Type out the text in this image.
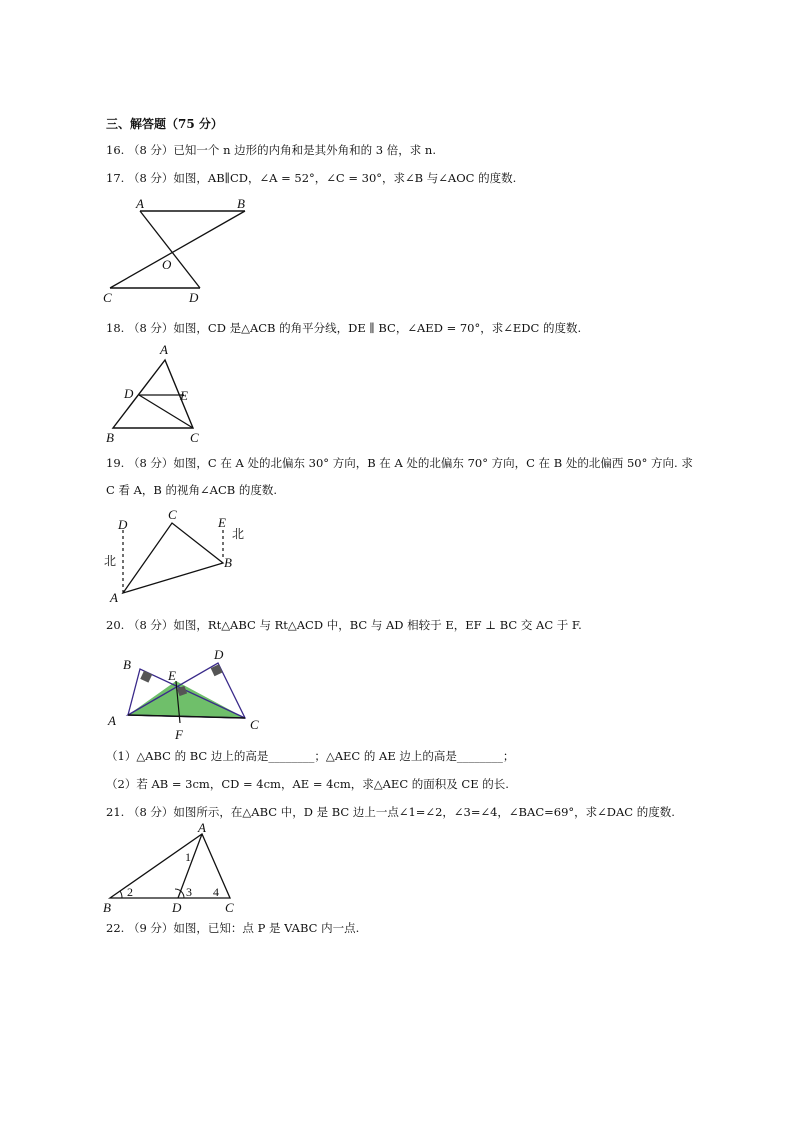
三、解答题（75 分）
16. （8 分）已知一个 n 边形的内角和是其外角和的 3 倍，求 n.
17. （8 分）如图，AB∥CD，∠A = 52°，∠C = 30°，求∠B 与∠AOC 的度数.
A	B
O
C	D
18. （8 分）如图，CD 是△ACB 的角平分线，DE ∥ BC，∠AED = 70°，求∠EDC 的度数.
A
D	E
B	C
19. （8 分）如图，C 在 A 处的北偏东 30° 方向，B 在 A 处的北偏东 70° 方向，C 在 B 处的北偏西 50° 方向. 求
C 看 A，B 的视角∠ACB 的度数.
D
C
E
北
北
B
A
20. （8 分）如图，Rt△ABC 与 Rt△ACD 中，BC 与 AD 相较于 E，EF ⊥ BC 交 AC 于 F.
B
D
E
A
F
C
（1）△ABC 的 BC 边上的高是________；△AEC 的 AE 边上的高是________；
（2）若 AB = 3cm，CD = 4cm，AE = 4cm，求△AEC 的面积及 CE 的长.
21. （8 分）如图所示，在△ABC 中，D 是 BC 边上一点∠1=∠2，∠3=∠4，∠BAC=69°，求∠DAC 的度数.
A
1
2	3 4
B	D	C
22. （9 分）如图，已知：点 P 是 VABC 内一点.
